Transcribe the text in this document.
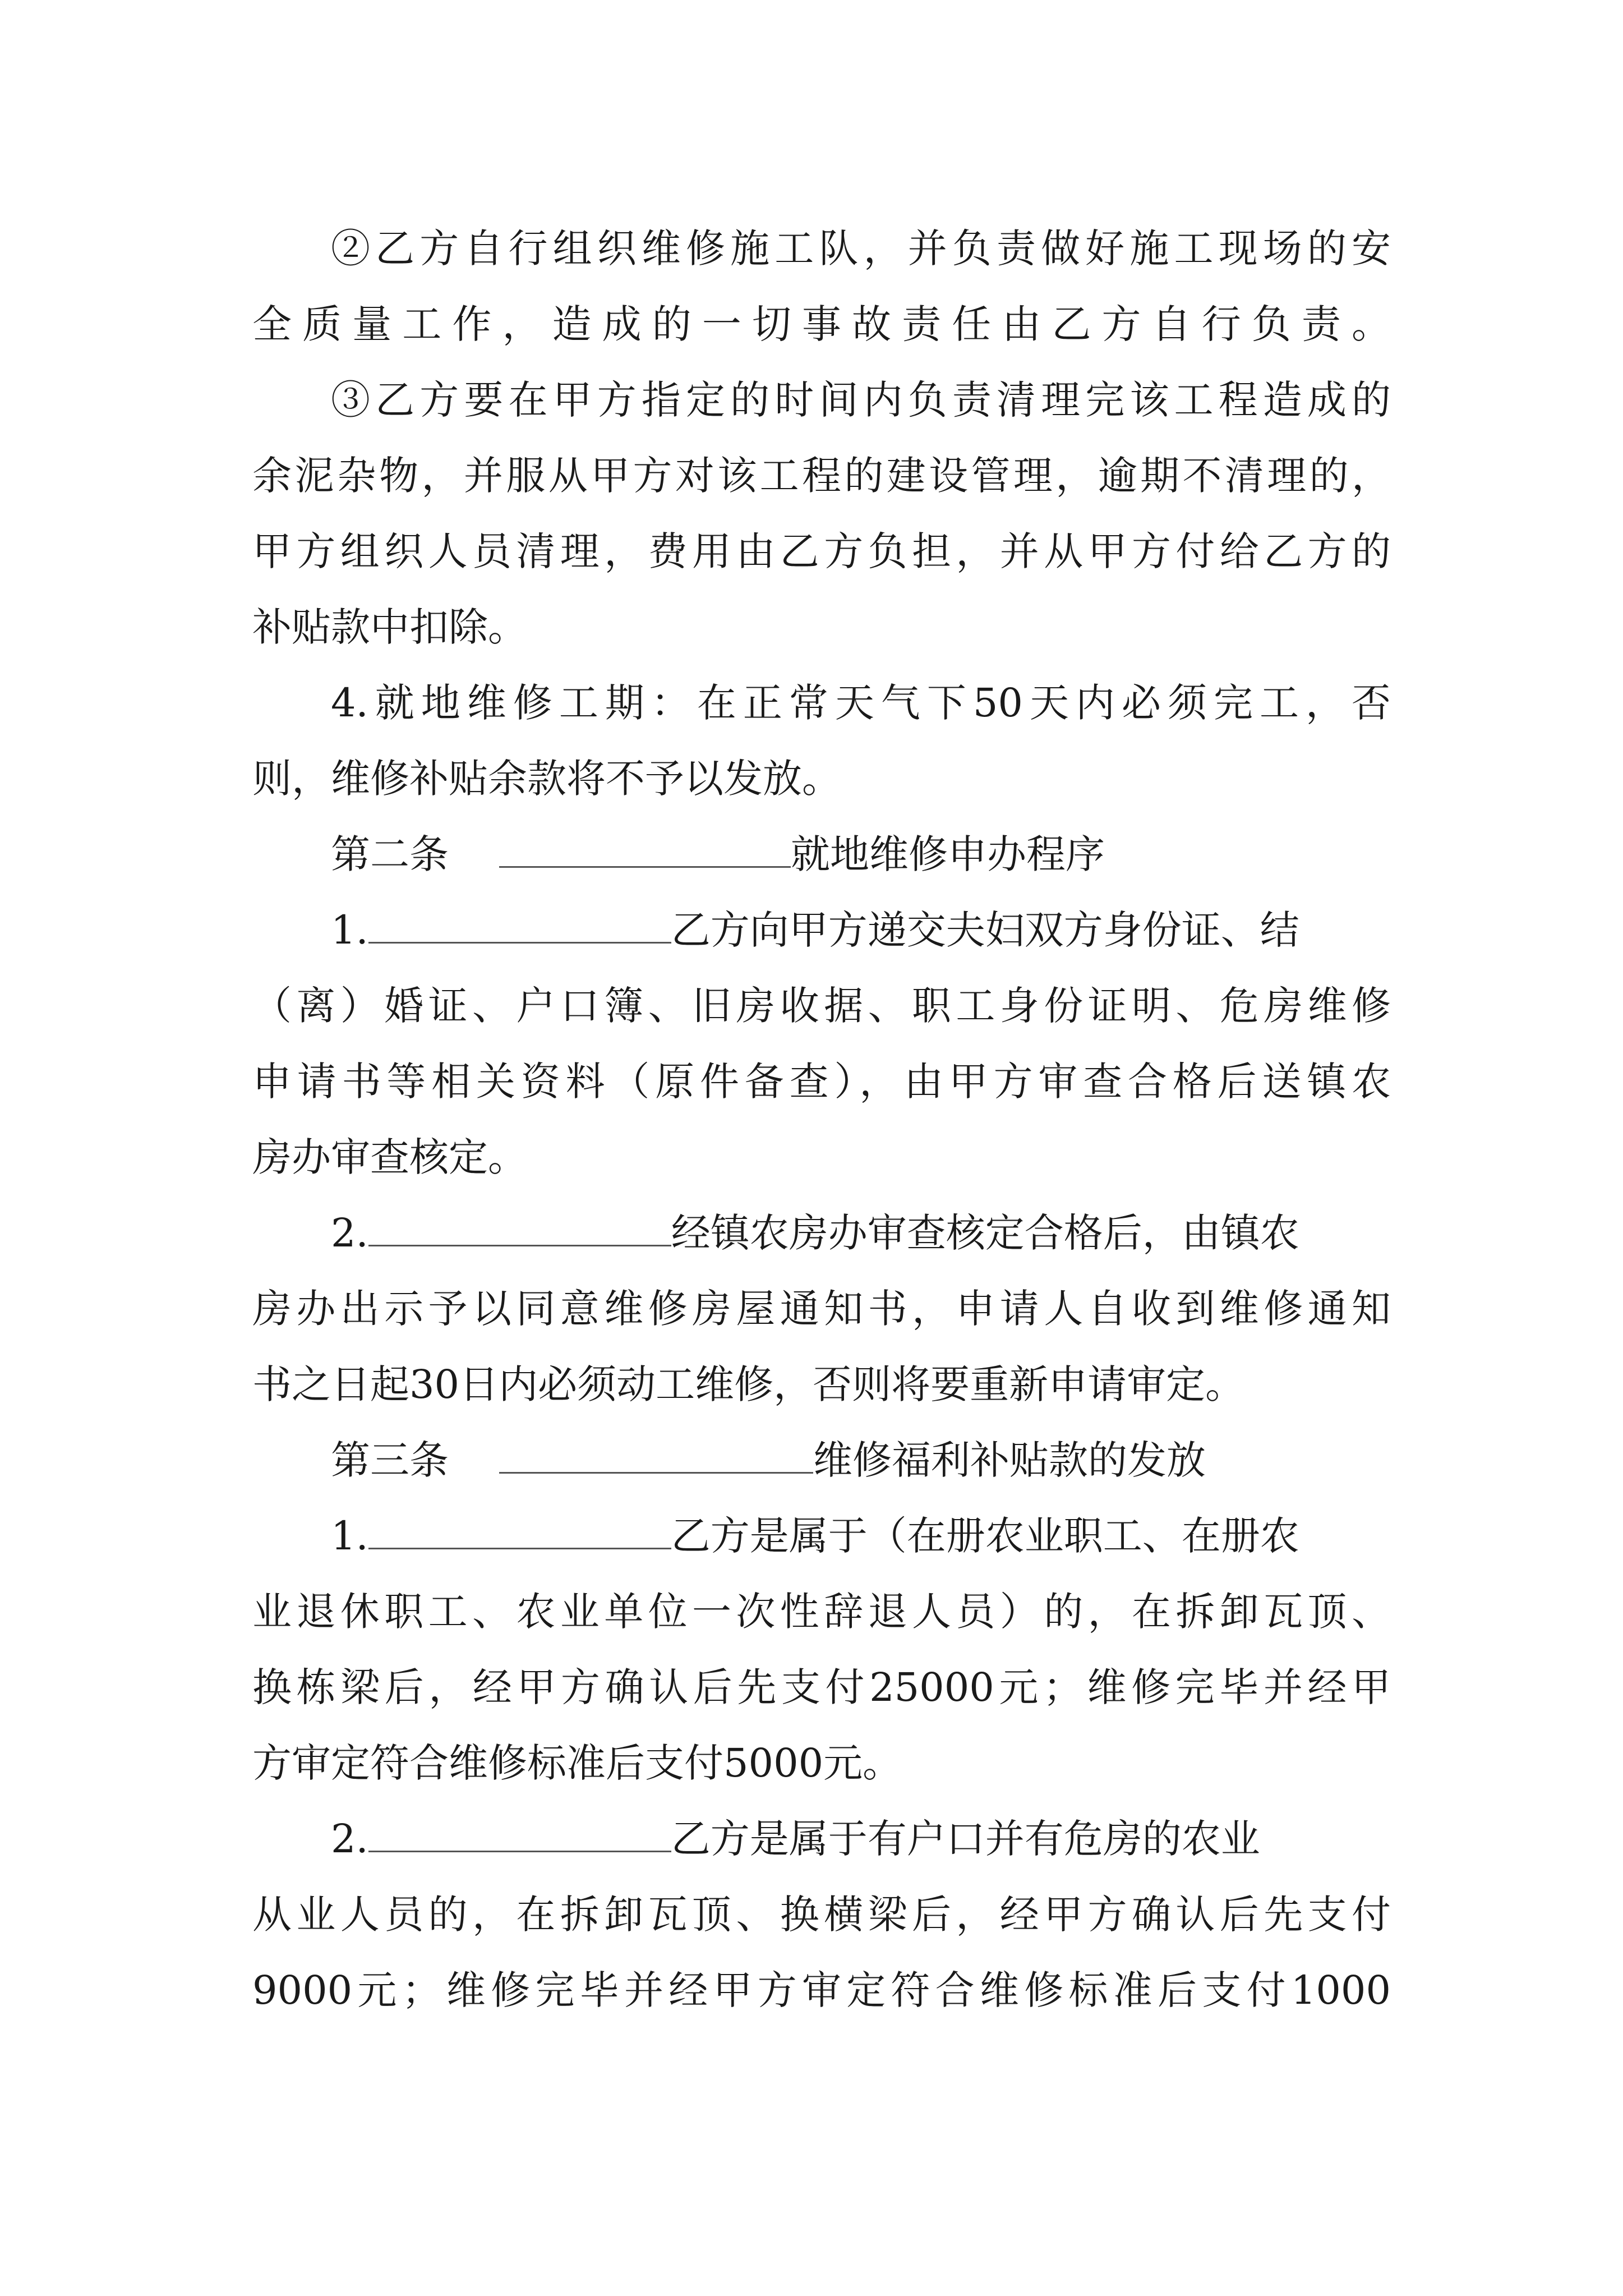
②乙方自行组织维修施工队，并负责做好施工现场的安
全质量工作，造成的一切事故责任由乙方自行负责。
③乙方要在甲方指定的时间内负责清理完该工程造成的
余泥杂物，并服从甲方对该工程的建设管理，逾期不清理的，
甲方组织人员清理，费用由乙方负担，并从甲方付给乙方的
补贴款中扣除。
4.就地维修工期：在正常天气下50天内必须完工，否
则，维修补贴余款将不予以发放。
第二条	就地维修申办程序
1.	乙方向甲方递交夫妇双方身份证、结
（离）婚证、户口簿、旧房收据、职工身份证明、危房维修
申请书等相关资料（原件备查），由甲方审查合格后送镇农
房办审查核定。
2.	经镇农房办审查核定合格后，由镇农
房办出示予以同意维修房屋通知书，申请人自收到维修通知
书之日起30日内必须动工维修，否则将要重新申请审定。
第三条	维修福利补贴款的发放
1.	乙方是属于（在册农业职工、在册农
业退休职工、农业单位一次性辞退人员）的，在拆卸瓦顶、
换栋梁后，经甲方确认后先支付25000元；维修完毕并经甲
方审定符合维修标准后支付5000元。
2.	乙方是属于有户口并有危房的农业
从业人员的，在拆卸瓦顶、换横梁后，经甲方确认后先支付
9000元；维修完毕并经甲方审定符合维修标准后支付1000
